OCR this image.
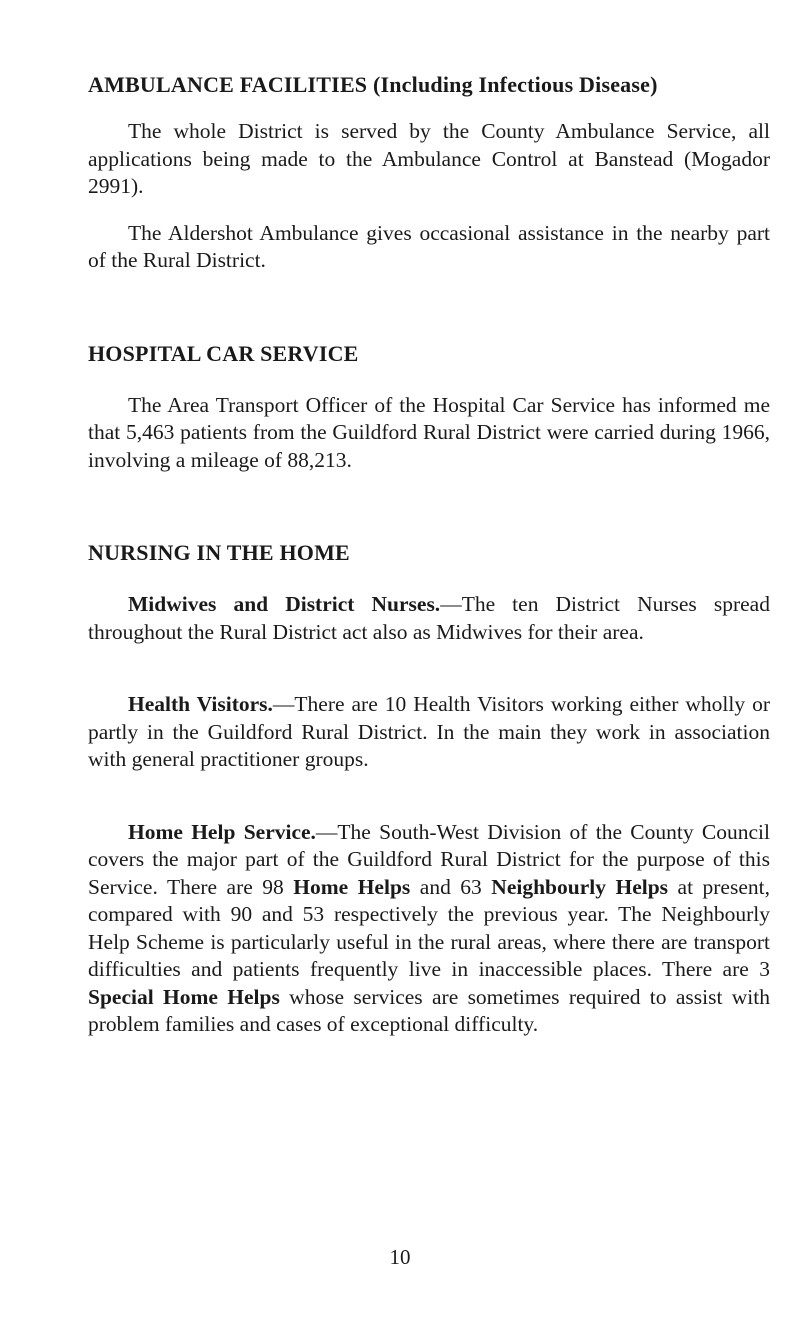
AMBULANCE FACILITIES (Including Infectious Disease)

The whole District is served by the County Ambulance Service, all applications being made to the Ambulance Control at Banstead (Mogador 2991).

The Aldershot Ambulance gives occasional assistance in the nearby part of the Rural District.

HOSPITAL CAR SERVICE

The Area Transport Officer of the Hospital Car Service has informed me that 5,463 patients from the Guildford Rural District were carried during 1966, involving a mileage of 88,213.

NURSING IN THE HOME

Midwives and District Nurses.—The ten District Nurses spread throughout the Rural District act also as Midwives for their area.

Health Visitors.—There are 10 Health Visitors working either wholly or partly in the Guildford Rural District. In the main they work in association with general practitioner groups.

Home Help Service.—The South-West Division of the County Council covers the major part of the Guildford Rural District for the purpose of this Service. There are 98 Home Helps and 63 Neighbourly Helps at present, compared with 90 and 53 respectively the previous year. The Neighbourly Help Scheme is particularly useful in the rural areas, where there are transport difficulties and patients frequently live in inaccessible places. There are 3 Special Home Helps whose services are sometimes required to assist with problem families and cases of exceptional difficulty.

10
